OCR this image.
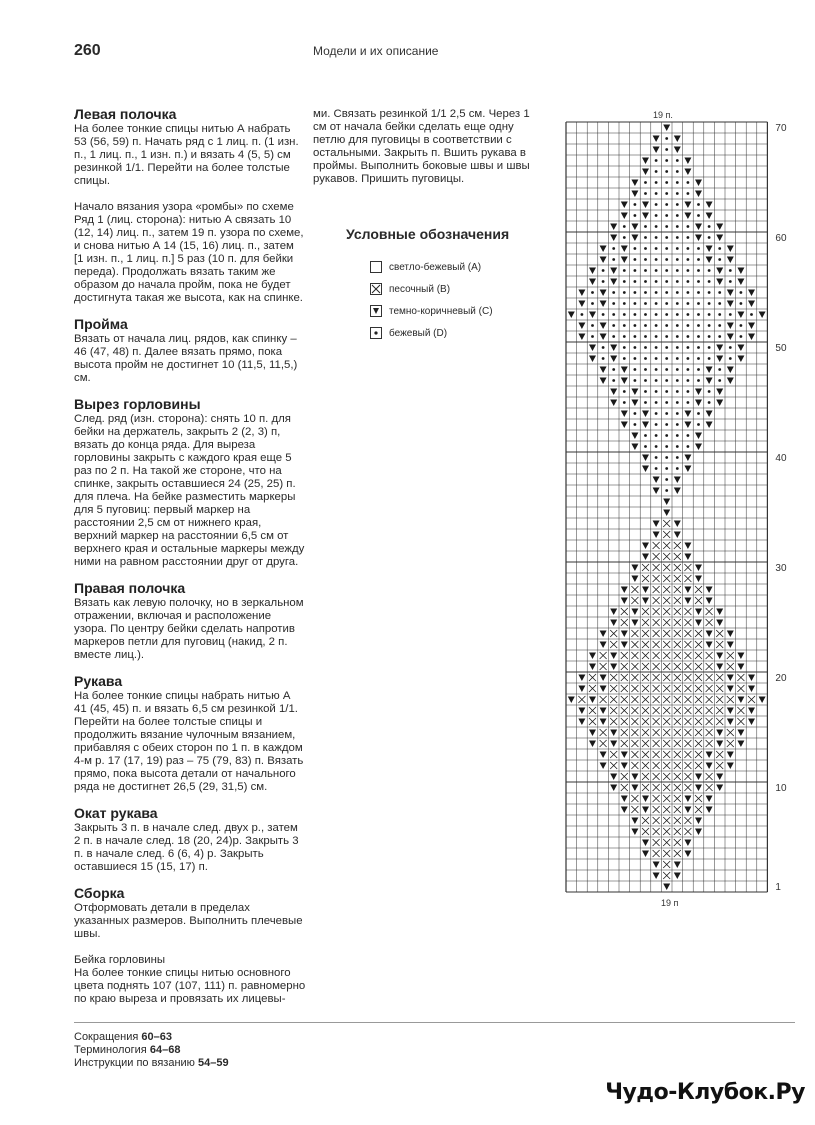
260	Модели и их описание
Левая полочка

На более тонкие спицы нитью А набрать 53 (56, 59) п. Начать ряд с 1 лиц. п. (1 изн. п., 1 лиц. п., 1 изн. п.) и вязать 4 (5, 5) см резинкой 1/1. Перейти на более толстые спицы.

Начало вязания узора «ромбы» по схеме Ряд 1 (лиц. сторона): нитью А связать 10 (12, 14) лиц. п., затем 19 п. узора по схеме, и снова нитью А 14 (15, 16) лиц. п., затем [1 изн. п., 1 лиц. п.] 5 раз (10 п. для бейки переда). Продолжать вязать таким же образом до начала пройм, пока не будет достигнута такая же высота, как на спинке.

Пройма

Вязать от начала лиц. рядов, как спинку – 46 (47, 48) п. Далее вязать прямо, пока высота пройм не достигнет 10 (11,5, 11,5,) см.

Вырез горловины

След. ряд (изн. сторона): снять 10 п. для бейки на держатель, закрыть 2 (2, 3) п, вязать до конца ряда. Для выреза горловины закрыть с каждого края еще 5 раз по 2 п. На такой же стороне, что на спинке, закрыть оставшиеся 24 (25, 25) п. для плеча. На бейке разместить маркеры для 5 пуговиц: первый маркер на расстоянии 2,5 см от нижнего края, верхний маркер на расстоянии 6,5 см от верхнего края и остальные маркеры между ними на равном расстоянии друг от друга.

Правая полочка

Вязать как левую полочку, но в зеркальном отражении, включая и расположение узора. По центру бейки сделать напротив маркеров петли для пуговиц (накид, 2 п. вместе лиц.).

Рукава

На более тонкие спицы набрать нитью А 41 (45, 45) п. и вязать 6,5 см резинкой 1/1. Перейти на более толстые спицы и продолжить вязание чулочным вязанием, прибавляя с обеих сторон по 1 п. в каждом 4-м р. 17 (17, 19) раз – 75 (79, 83) п. Вязать прямо, пока высота детали от начального ряда не достигнет 26,5 (29, 31,5) см.

Окат рукава

Закрыть 3 п. в начале след. двух р., затем 2 п. в начале след. 18 (20, 24)р. Закрыть 3 п. в начале след. 6 (6, 4) р. Закрыть оставшиеся 15 (15, 17) п.

Сборка

Отформовать детали в пределах указанных размеров. Выполнить плечевые швы.

Бейка горловины

На более тонкие спицы нитью основного цвета поднять 107 (107, 111) п. равномерно по краю выреза и провязать их лицевы-

ми. Связать резинкой 1/1 2,5 см. Через 1 см от начала бейки сделать еще одну петлю для пуговицы в соответствии с остальными. Закрыть п. Вшить рукава в проймы. Выполнить боковые швы и швы рукавов. Пришить пуговицы.

Условные обозначения
светло-бежевый (А)
песочный (В)
темно-коричневый (С)
бежевый (D)
19 п.
19 п
70
60
50
40
30
20
10
1
Сокращения 60–63
Терминология 64–68
Инструкции по вязанию 54–59
Чудо-Клубок.Ру
